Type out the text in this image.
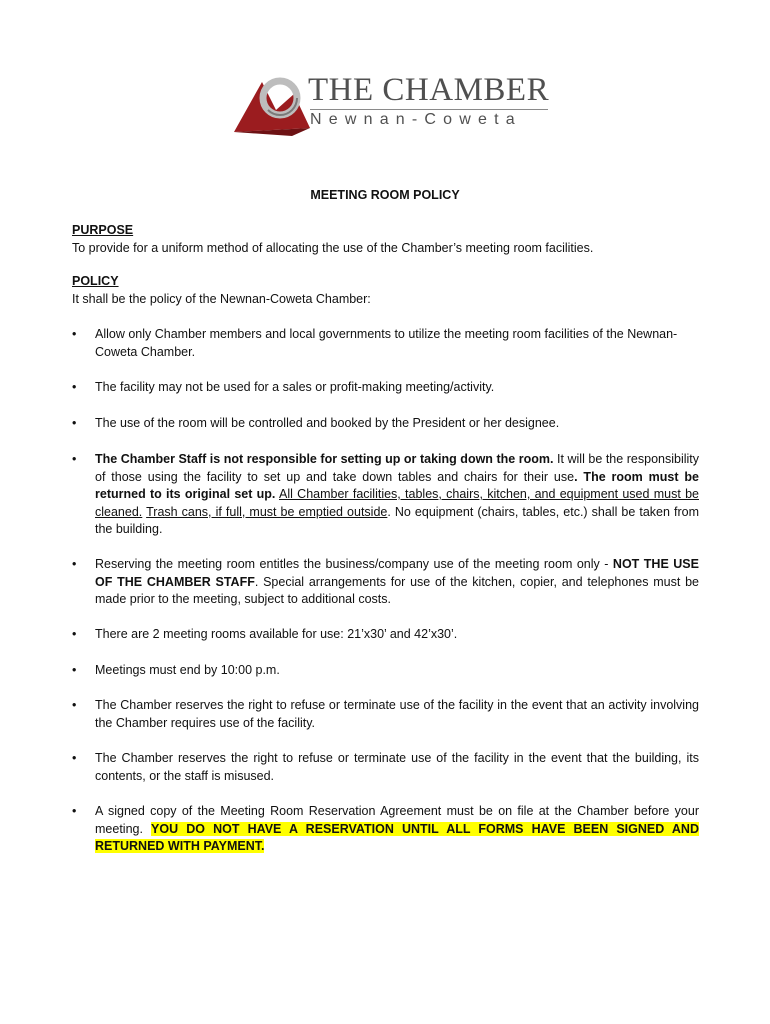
THE CHAMBER
Newnan-Coweta
MEETING ROOM POLICY
PURPOSE
To provide for a uniform method of allocating the use of the Chamber’s meeting room facilities.
POLICY
It shall be the policy of the Newnan-Coweta Chamber:
•	Allow only Chamber members and local governments to utilize the meeting room facilities of the Newnan-Coweta Chamber.
•	The facility may not be used for a sales or profit-making meeting/activity.
•	The use of the room will be controlled and booked by the President or her designee.
•	The Chamber Staff is not responsible for setting up or taking down the room. It will be the responsibility of those using the facility to set up and take down tables and chairs for their use. The room must be returned to its original set up. All Chamber facilities, tables, chairs, kitchen, and equipment used must be cleaned. Trash cans, if full, must be emptied outside. No equipment (chairs, tables, etc.) shall be taken from the building.
•	Reserving the meeting room entitles the business/company use of the meeting room only - NOT THE USE OF THE CHAMBER STAFF. Special arrangements for use of the kitchen, copier, and telephones must be made prior to the meeting, subject to additional costs.
•	There are 2 meeting rooms available for use: 21’x30’ and 42’x30’.
•	Meetings must end by 10:00 p.m.
•	The Chamber reserves the right to refuse or terminate use of the facility in the event that an activity involving the Chamber requires use of the facility.
•	The Chamber reserves the right to refuse or terminate use of the facility in the event that the building, its contents, or the staff is misused.
•	A signed copy of the Meeting Room Reservation Agreement must be on file at the Chamber before your meeting. YOU DO NOT HAVE A RESERVATION UNTIL ALL FORMS HAVE BEEN SIGNED AND RETURNED WITH PAYMENT.
